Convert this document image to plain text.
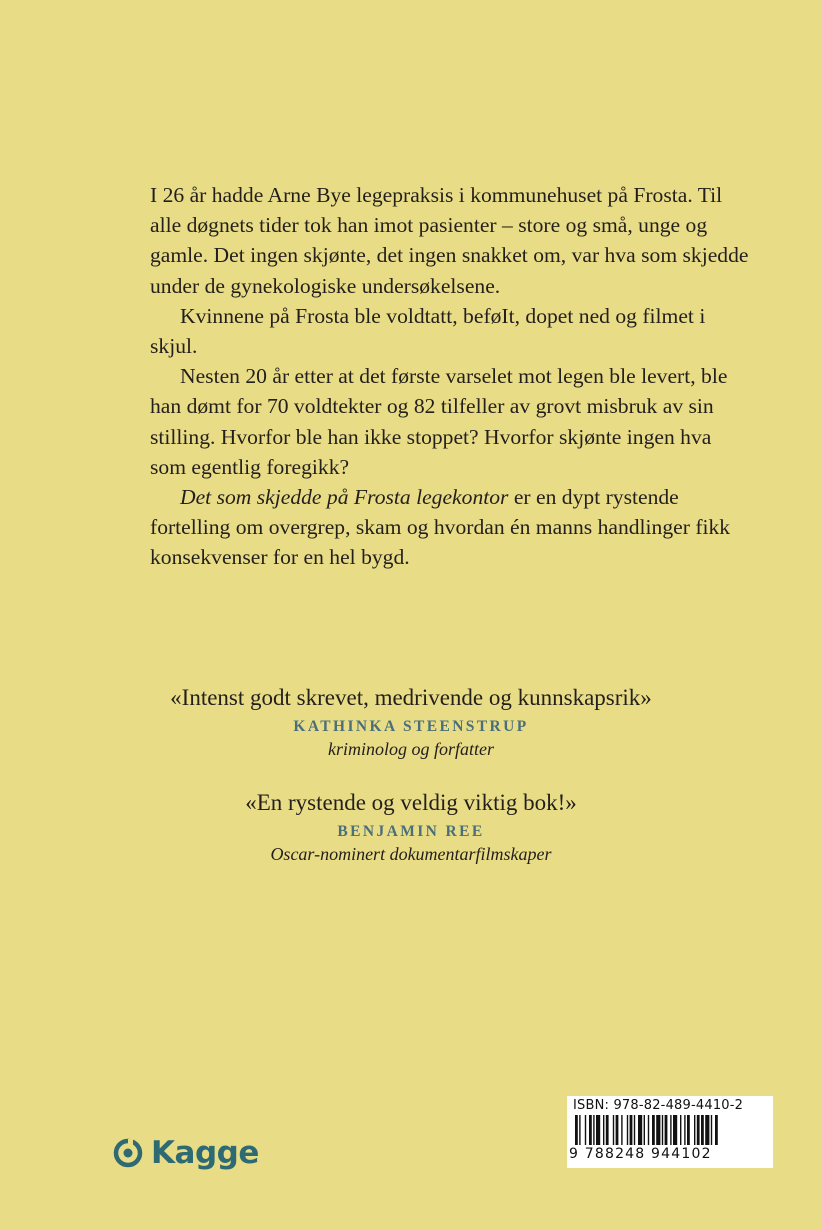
I 26 år hadde Arne Bye legepraksis i kommunehuset på Frosta. Til alle døgnets tider tok han imot pasienter – store og små, unge og gamle. Det ingen skjønte, det ingen snakket om, var hva som skjedde under de gynekologiske undersøkelsene.

Kvinnene på Frosta ble voldtatt, beføIt, dopet ned og filmet i skjul.

Nesten 20 år etter at det første varselet mot legen ble levert, ble han dømt for 70 voldtekter og 82 tilfeller av grovt misbruk av sin stilling. Hvorfor ble han ikke stoppet? Hvorfor skjønte ingen hva som egentlig foregikk?

Det som skjedde på Frosta legekontor er en dypt rystende fortelling om overgrep, skam og hvordan én manns handlinger fikk konsekvenser for en hel bygd.

«Intenst godt skrevet, medrivende og kunnskapsrik»
KATHINKA STEENSTRUP
kriminolog og forfatter
«En rystende og veldig viktig bok!»
BENJAMIN REE
Oscar-nominert dokumentarfilmskaper
Kagge
ISBN: 978-82-489-4410-2
9 788248 944102
